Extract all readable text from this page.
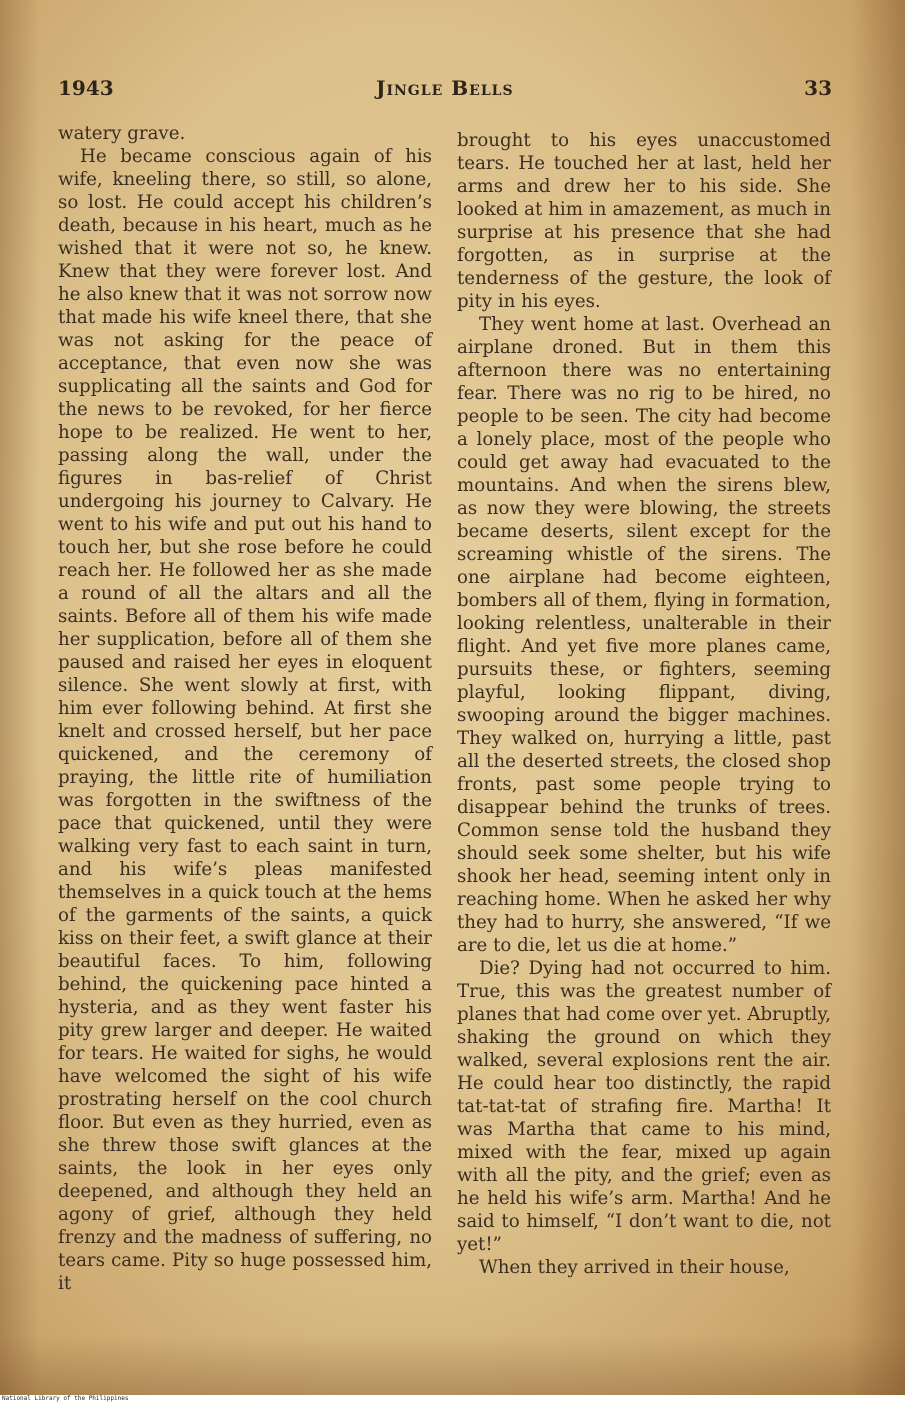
1943	Jingle Bells	33

watery grave.

He became conscious again of his wife, kneeling there, so still, so alone, so lost. He could accept his children’s death, because in his heart, much as he wished that it were not so, he knew. Knew that they were forever lost. And he also knew that it was not sorrow now that made his wife kneel there, that she was not asking for the peace of acceptance, that even now she was supplicating all the saints and God for the news to be revoked, for her fierce hope to be realized. He went to her, passing along the wall, under the figures in bas-relief of Christ undergoing his journey to Calvary. He went to his wife and put out his hand to touch her, but she rose before he could reach her. He followed her as she made a round of all the altars and all the saints. Before all of them his wife made her supplication, before all of them she paused and raised her eyes in eloquent silence. She went slowly at first, with him ever following behind. At first she knelt and crossed herself, but her pace quickened, and the ceremony of praying, the little rite of humiliation was forgotten in the swiftness of the pace that quickened, until they were walking very fast to each saint in turn, and his wife’s pleas manifested themselves in a quick touch at the hems of the garments of the saints, a quick kiss on their feet, a swift glance at their beautiful faces. To him, following behind, the quickening pace hinted a hysteria, and as they went faster his pity grew larger and deeper. He waited for tears. He waited for sighs, he would have welcomed the sight of his wife prostrating herself on the cool church floor. But even as they hurried, even as she threw those swift glances at the saints, the look in her eyes only deepened, and although they held an agony of grief, although they held frenzy and the madness of suffering, no tears came. Pity so huge possessed him, it

brought to his eyes unaccustomed tears. He touched her at last, held her arms and drew her to his side. She looked at him in amazement, as much in surprise at his presence that she had forgotten, as in surprise at the tenderness of the gesture, the look of pity in his eyes.

They went home at last. Overhead an airplane droned. But in them this afternoon there was no entertaining fear. There was no rig to be hired, no people to be seen. The city had become a lonely place, most of the people who could get away had evacuated to the mountains. And when the sirens blew, as now they were blowing, the streets became deserts, silent except for the screaming whistle of the sirens. The one airplane had become eighteen, bombers all of them, flying in formation, looking relentless, unalterable in their flight. And yet five more planes came, pursuits these, or fighters, seeming playful, looking flippant, diving, swooping around the bigger machines. They walked on, hurrying a little, past all the deserted streets, the closed shop fronts, past some people trying to disappear behind the trunks of trees. Common sense told the husband they should seek some shelter, but his wife shook her head, seeming intent only in reaching home. When he asked her why they had to hurry, she answered, “If we are to die, let us die at home.”

Die? Dying had not occurred to him. True, this was the greatest number of planes that had come over yet. Abruptly, shaking the ground on which they walked, several explosions rent the air. He could hear too distinctly, the rapid tat-tat-tat of strafing fire. Martha! It was Martha that came to his mind, mixed with the fear, mixed up again with all the pity, and the grief; even as he held his wife’s arm. Martha! And he said to himself, “I don’t want to die, not yet!”

When they arrived in their house,

National Library of the Philippines
